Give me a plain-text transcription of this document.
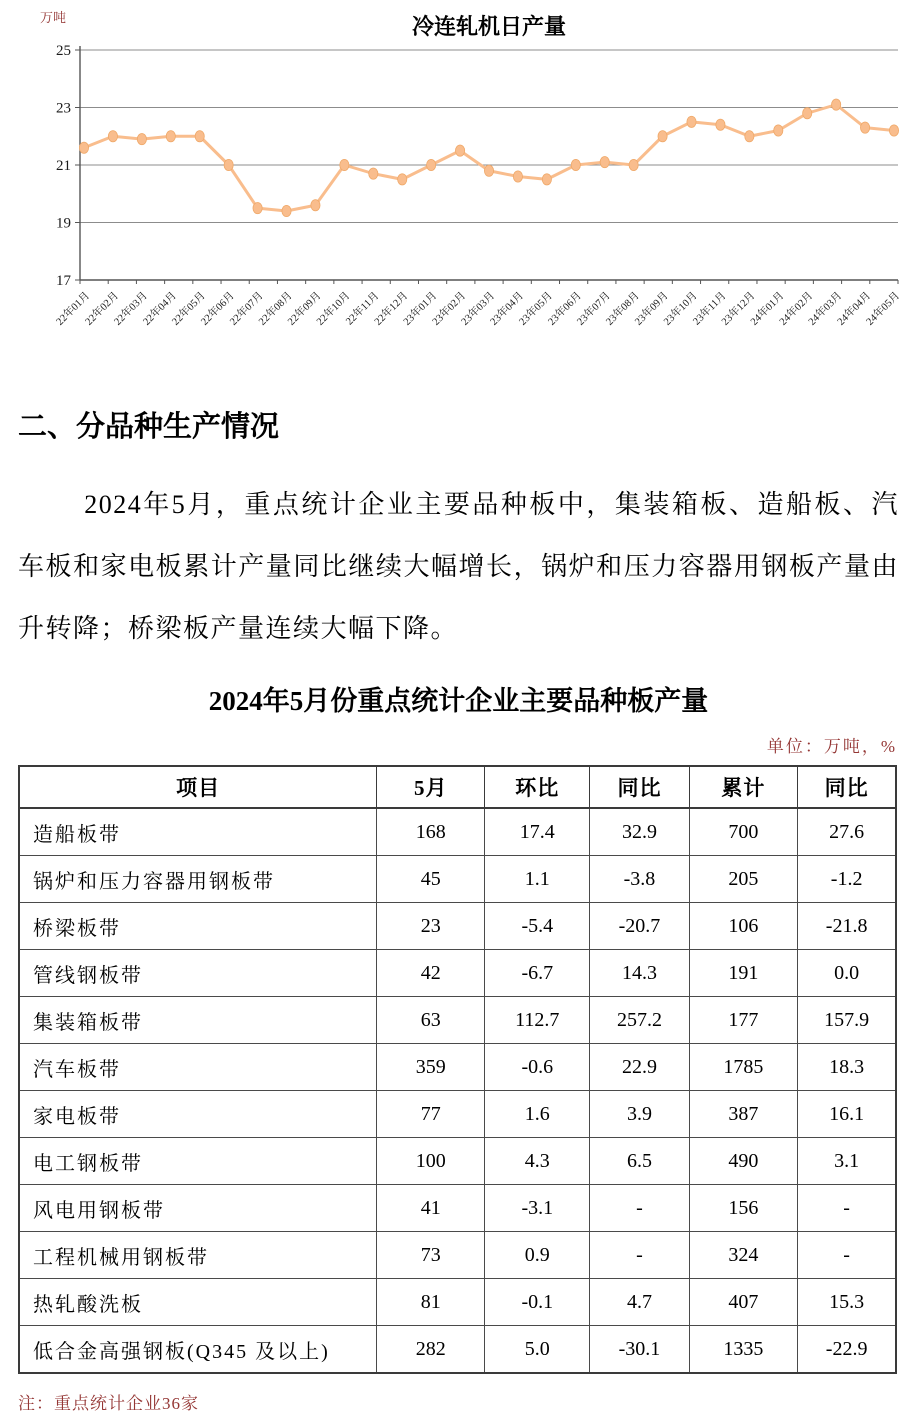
17
19
21
23
25
22年01月
22年02月
22年03月
22年04月
22年05月
22年06月
22年07月
22年08月
22年09月
22年10月
22年11月
22年12月
23年01月
23年02月
23年03月
23年04月
23年05月
23年06月
23年07月
23年08月
23年09月
23年10月
23年11月
23年12月
24年01月
24年02月
24年03月
24年04月
24年05月
冷连轧机日产量
万吨
二、分品种生产情况

2024年5月，重点统计企业主要品种板中，集装箱板、造船板、汽车板和家电板累计产量同比继续大幅增长，锅炉和压力容器用钢板产量由升转降；桥梁板产量连续大幅下降。

2024年5月份重点统计企业主要品种板产量
单位：万吨，%
项目	5月	环比	同比	累计	同比
造船板带	168	17.4	32.9	700	27.6
锅炉和压力容器用钢板带	45	1.1	-3.8	205	-1.2
桥梁板带	23	-5.4	-20.7	106	-21.8
管线钢板带	42	-6.7	14.3	191	0.0
集装箱板带	63	112.7	257.2	177	157.9
汽车板带	359	-0.6	22.9	1785	18.3
家电板带	77	1.6	3.9	387	16.1
电工钢板带	100	4.3	6.5	490	3.1
风电用钢板带	41	-3.1	-	156	-
工程机械用钢板带	73	0.9	-	324	-
热轧酸洗板	81	-0.1	4.7	407	15.3
低合金高强钢板(Q345 及以上)	282	5.0	-30.1	1335	-22.9
注：重点统计企业36家
